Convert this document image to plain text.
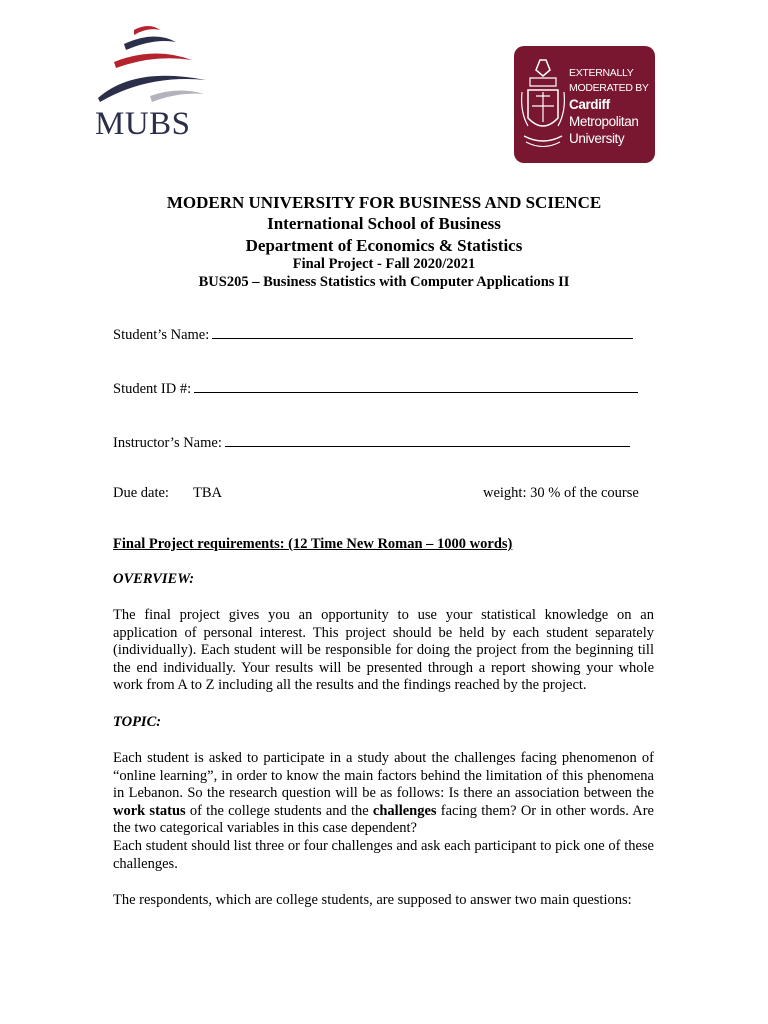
MUBS
EXTERNALLY
MODERATED BY
Cardiff
Metropolitan
University
MODERN UNIVERSITY FOR BUSINESS AND SCIENCE
International School of Business
Department of Economics & Statistics
Final Project - Fall 2020/2021
BUS205 – Business Statistics with Computer Applications II
Student’s Name:
Student ID #:
Instructor’s Name:
Due date: TBA	weight: 30 % of the course
Final Project requirements: (12 Time New Roman – 1000 words)
OVERVIEW:

The final project gives you an opportunity to use your statistical knowledge on an application of personal interest. This project should be held by each student separately (individually). Each student will be responsible for doing the project from the beginning till the end individually. Your results will be presented through a report showing your whole work from A to Z including all the results and the findings reached by the project.

TOPIC:

Each student is asked to participate in a study about the challenges facing phenomenon of “online learning”, in order to know the main factors behind the limitation of this phenomena in Lebanon. So the research question will be as follows: Is there an association between the work status of the college students and the challenges facing them? Or in other words. Are the two categorical variables in this case dependent?

Each student should list three or four challenges and ask each participant to pick one of these challenges.

The respondents, which are college students, are supposed to answer two main questions:
